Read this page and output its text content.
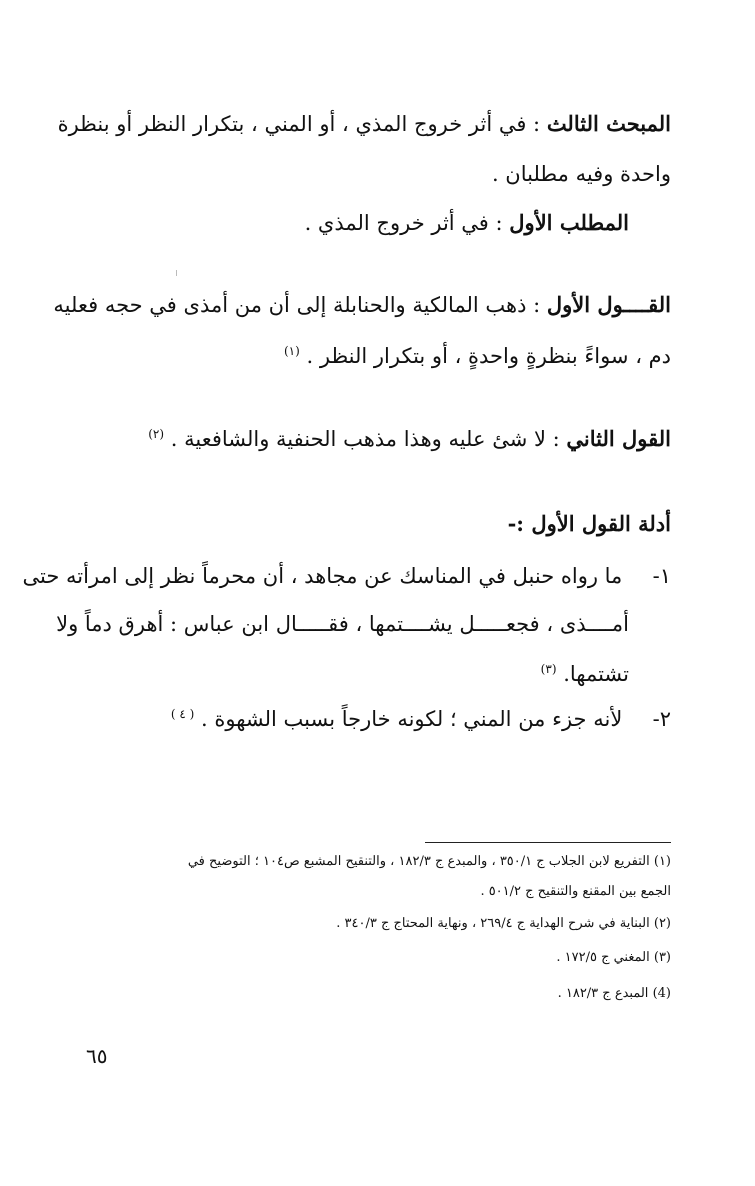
المبحث الثالث : في أثر خروج المذي ، أو المني ، بتكرار النظر أو بنظرة
واحدة وفيه مطلبان .
المطلب الأول : في أثر خروج المذي .
القــــول الأول : ذهب المالكية والحنابلة إلى أن من أمذى في حجه فعليه
دم ، سواءً بنظرةٍ واحدةٍ ، أو بتكرار النظر . $^{(١)}$
القول الثاني : لا شئ عليه وهذا مذهب الحنفية والشافعية . $^{(٢)}$
أدلة القول الأول :-
١- ما رواه حنبل في المناسك عن مجاهد ، أن محرماً نظر إلى امرأته حتى
أمــــذى ، فجعـــــل يشــــتمها ، فقـــــال ابن عباس : أهرق دماً ولا
تشتمها. $^{(٣)}$
٢- لأنه جزء من المني ؛ لكونه خارجاً بسبب الشهوة . $^{( ٤ )}$
(١) التفريع لابن الجلاب ج ٣٥٠/١ ، والمبدع ج ١٨٢/٣ ، والتنقيح المشبع ص١٠٤ ؛ التوضيح في
الجمع بين المقنع والتنقيح ج ٥٠١/٢ .
(٢) البناية في شرح الهداية ج ٢٦٩/٤ ، ونهاية المحتاج ج ٣٤٠/٣ .
(٣) المغني ج ١٧٢/٥ .
(4) المبدع ج ١٨٢/٣ .
٦٥
